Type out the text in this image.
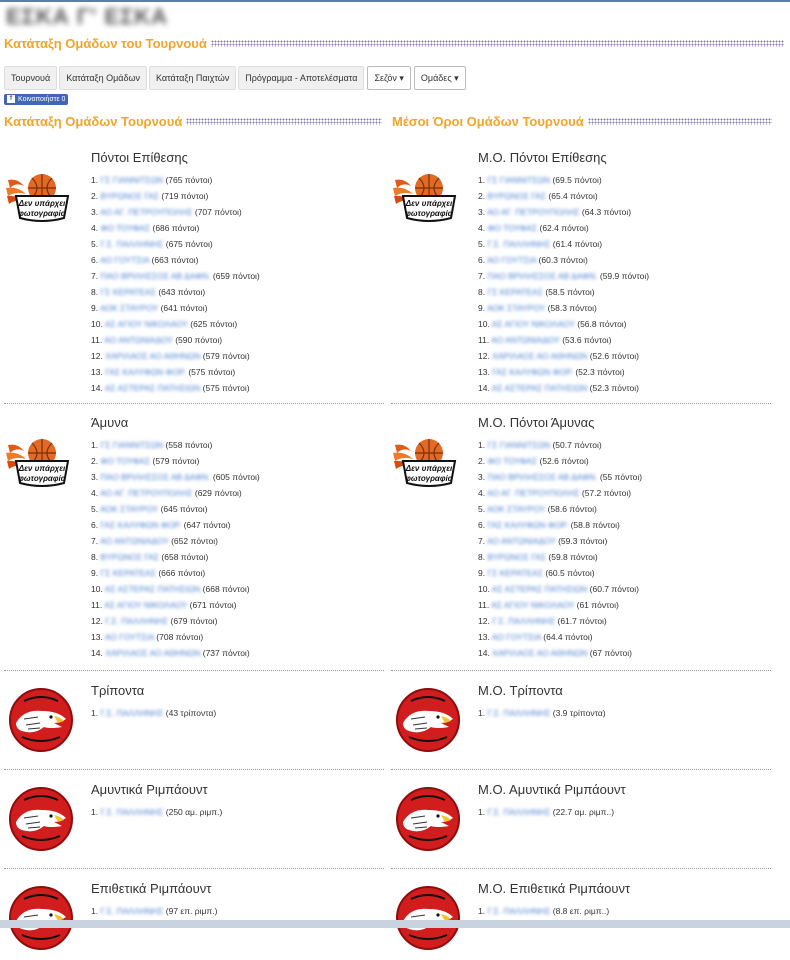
ΕΣΚΑ Γ' ΕΣΚΑ
Κατάταξη Ομάδων του Τουρνουά
Τουρνουά	Κατάταξη Ομάδων	Κατάταξη Παιχτών	Πρόγραμμα - Αποτελέσματα	Σεζόν ▾	Ομάδες ▾
f Κοινοποιήστε 0
Κατάταξη Ομάδων Τουρνουά	Μέσοι Όροι Ομάδων Τουρνουά
Δεν υπάρχει
φωτογραφία
Πόντοι Επίθεσης
1. ΓΣ ΓΙΑΝΝΙΤΣΩΝ (765 πόντοι)
2. ΒΥΡΩΝΟΣ ΓΑΣ (719 πόντοι)
3. ΑΟ ΑΓ. ΠΕΤΡΟΥΠΟΛΗΣ (707 πόντοι)
4. ΦΟ ΤΟΥΦΑΣ (686 πόντοι)
5. Γ.Σ. ΠΑΛΛΗΝΗΣ (675 πόντοι)
6. ΑΟ ΓΟΥΤΣΙΑ (663 πόντοι)
7. ΠΑΟ ΒΡΙΛΗΣΣΟΣ ΑΒ ΔΑΦΝ. (659 πόντοι)
8. ΓΣ ΚΕΡΑΤΕΑΣ (643 πόντοι)
9. ΑΟΚ ΣΤΑΥΡΟΥ (641 πόντοι)
10. ΑΣ ΑΓΙΟΥ ΝΙΚΟΛΑΟΥ (625 πόντοι)
11. ΑΟ ΑΝΤΩΝΙΑΔΟΥ (590 πόντοι)
12. ΧΑΡΙΛΑΟΣ ΑΟ ΑΘΗΝΩΝ (579 πόντοι)
13. ΓΑΣ ΚΑΛΥΦΩΝ ΦΟΡ. (575 πόντοι)
14. ΑΣ ΑΣΤΕΡΑΣ ΠΑΤΗΣΙΩΝ (575 πόντοι)
Δεν υπάρχει
φωτογραφία
Μ.Ο. Πόντοι Επίθεσης
1. ΓΣ ΓΙΑΝΝΙΤΣΩΝ (69.5 πόντοι)
2. ΒΥΡΩΝΟΣ ΓΑΣ (65.4 πόντοι)
3. ΑΟ ΑΓ. ΠΕΤΡΟΥΠΟΛΗΣ (64.3 πόντοι)
4. ΦΟ ΤΟΥΦΑΣ (62.4 πόντοι)
5. Γ.Σ. ΠΑΛΛΗΝΗΣ (61.4 πόντοι)
6. ΑΟ ΓΟΥΤΣΙΑ (60.3 πόντοι)
7. ΠΑΟ ΒΡΙΛΗΣΣΟΣ ΑΒ ΔΑΦΝ. (59.9 πόντοι)
8. ΓΣ ΚΕΡΑΤΕΑΣ (58.5 πόντοι)
9. ΑΟΚ ΣΤΑΥΡΟΥ (58.3 πόντοι)
10. ΑΣ ΑΓΙΟΥ ΝΙΚΟΛΑΟΥ (56.8 πόντοι)
11. ΑΟ ΑΝΤΩΝΙΑΔΟΥ (53.6 πόντοι)
12. ΧΑΡΙΛΑΟΣ ΑΟ ΑΘΗΝΩΝ (52.6 πόντοι)
13. ΓΑΣ ΚΑΛΥΦΩΝ ΦΟΡ. (52.3 πόντοι)
14. ΑΣ ΑΣΤΕΡΑΣ ΠΑΤΗΣΙΩΝ (52.3 πόντοι)
Δεν υπάρχει
φωτογραφία
Άμυνα
1. ΓΣ ΓΙΑΝΝΙΤΣΩΝ (558 πόντοι)
2. ΦΟ ΤΟΥΦΑΣ (579 πόντοι)
3. ΠΑΟ ΒΡΙΛΗΣΣΟΣ ΑΒ ΔΑΦΝ. (605 πόντοι)
4. ΑΟ ΑΓ. ΠΕΤΡΟΥΠΟΛΗΣ (629 πόντοι)
5. ΑΟΚ ΣΤΑΥΡΟΥ (645 πόντοι)
6. ΓΑΣ ΚΑΛΥΦΩΝ ΦΟΡ. (647 πόντοι)
7. ΑΟ ΑΝΤΩΝΙΑΔΟΥ (652 πόντοι)
8. ΒΥΡΩΝΟΣ ΓΑΣ (658 πόντοι)
9. ΓΣ ΚΕΡΑΤΕΑΣ (666 πόντοι)
10. ΑΣ ΑΣΤΕΡΑΣ ΠΑΤΗΣΙΩΝ (668 πόντοι)
11. ΑΣ ΑΓΙΟΥ ΝΙΚΟΛΑΟΥ (671 πόντοι)
12. Γ.Σ. ΠΑΛΛΗΝΗΣ (679 πόντοι)
13. ΑΟ ΓΟΥΤΣΙΑ (708 πόντοι)
14. ΧΑΡΙΛΑΟΣ ΑΟ ΑΘΗΝΩΝ (737 πόντοι)
Δεν υπάρχει
φωτογραφία
Μ.Ο. Πόντοι Άμυνας
1. ΓΣ ΓΙΑΝΝΙΤΣΩΝ (50.7 πόντοι)
2. ΦΟ ΤΟΥΦΑΣ (52.6 πόντοι)
3. ΠΑΟ ΒΡΙΛΗΣΣΟΣ ΑΒ ΔΑΦΝ. (55 πόντοι)
4. ΑΟ ΑΓ. ΠΕΤΡΟΥΠΟΛΗΣ (57.2 πόντοι)
5. ΑΟΚ ΣΤΑΥΡΟΥ (58.6 πόντοι)
6. ΓΑΣ ΚΑΛΥΦΩΝ ΦΟΡ. (58.8 πόντοι)
7. ΑΟ ΑΝΤΩΝΙΑΔΟΥ (59.3 πόντοι)
8. ΒΥΡΩΝΟΣ ΓΑΣ (59.8 πόντοι)
9. ΓΣ ΚΕΡΑΤΕΑΣ (60.5 πόντοι)
10. ΑΣ ΑΣΤΕΡΑΣ ΠΑΤΗΣΙΩΝ (60.7 πόντοι)
11. ΑΣ ΑΓΙΟΥ ΝΙΚΟΛΑΟΥ (61 πόντοι)
12. Γ.Σ. ΠΑΛΛΗΝΗΣ (61.7 πόντοι)
13. ΑΟ ΓΟΥΤΣΙΑ (64.4 πόντοι)
14. ΧΑΡΙΛΑΟΣ ΑΟ ΑΘΗΝΩΝ (67 πόντοι)
Τρίποντα
1. Γ.Σ. ΠΑΛΛΗΝΗΣ (43 τρίποντα)
Μ.Ο. Τρίποντα
1. Γ.Σ. ΠΑΛΛΗΝΗΣ (3.9 τρίποντα)
Αμυντικά Ριμπάουντ
1. Γ.Σ. ΠΑΛΛΗΝΗΣ (250 αμ. ριμπ.)
Μ.Ο. Αμυντικά Ριμπάουντ
1. Γ.Σ. ΠΑΛΛΗΝΗΣ (22.7 αμ. ριμπ..)
Επιθετικά Ριμπάουντ
1. Γ.Σ. ΠΑΛΛΗΝΗΣ (97 επ. ριμπ.)
Μ.Ο. Επιθετικά Ριμπάουντ
1. Γ.Σ. ΠΑΛΛΗΝΗΣ (8.8 επ. ριμπ..)
